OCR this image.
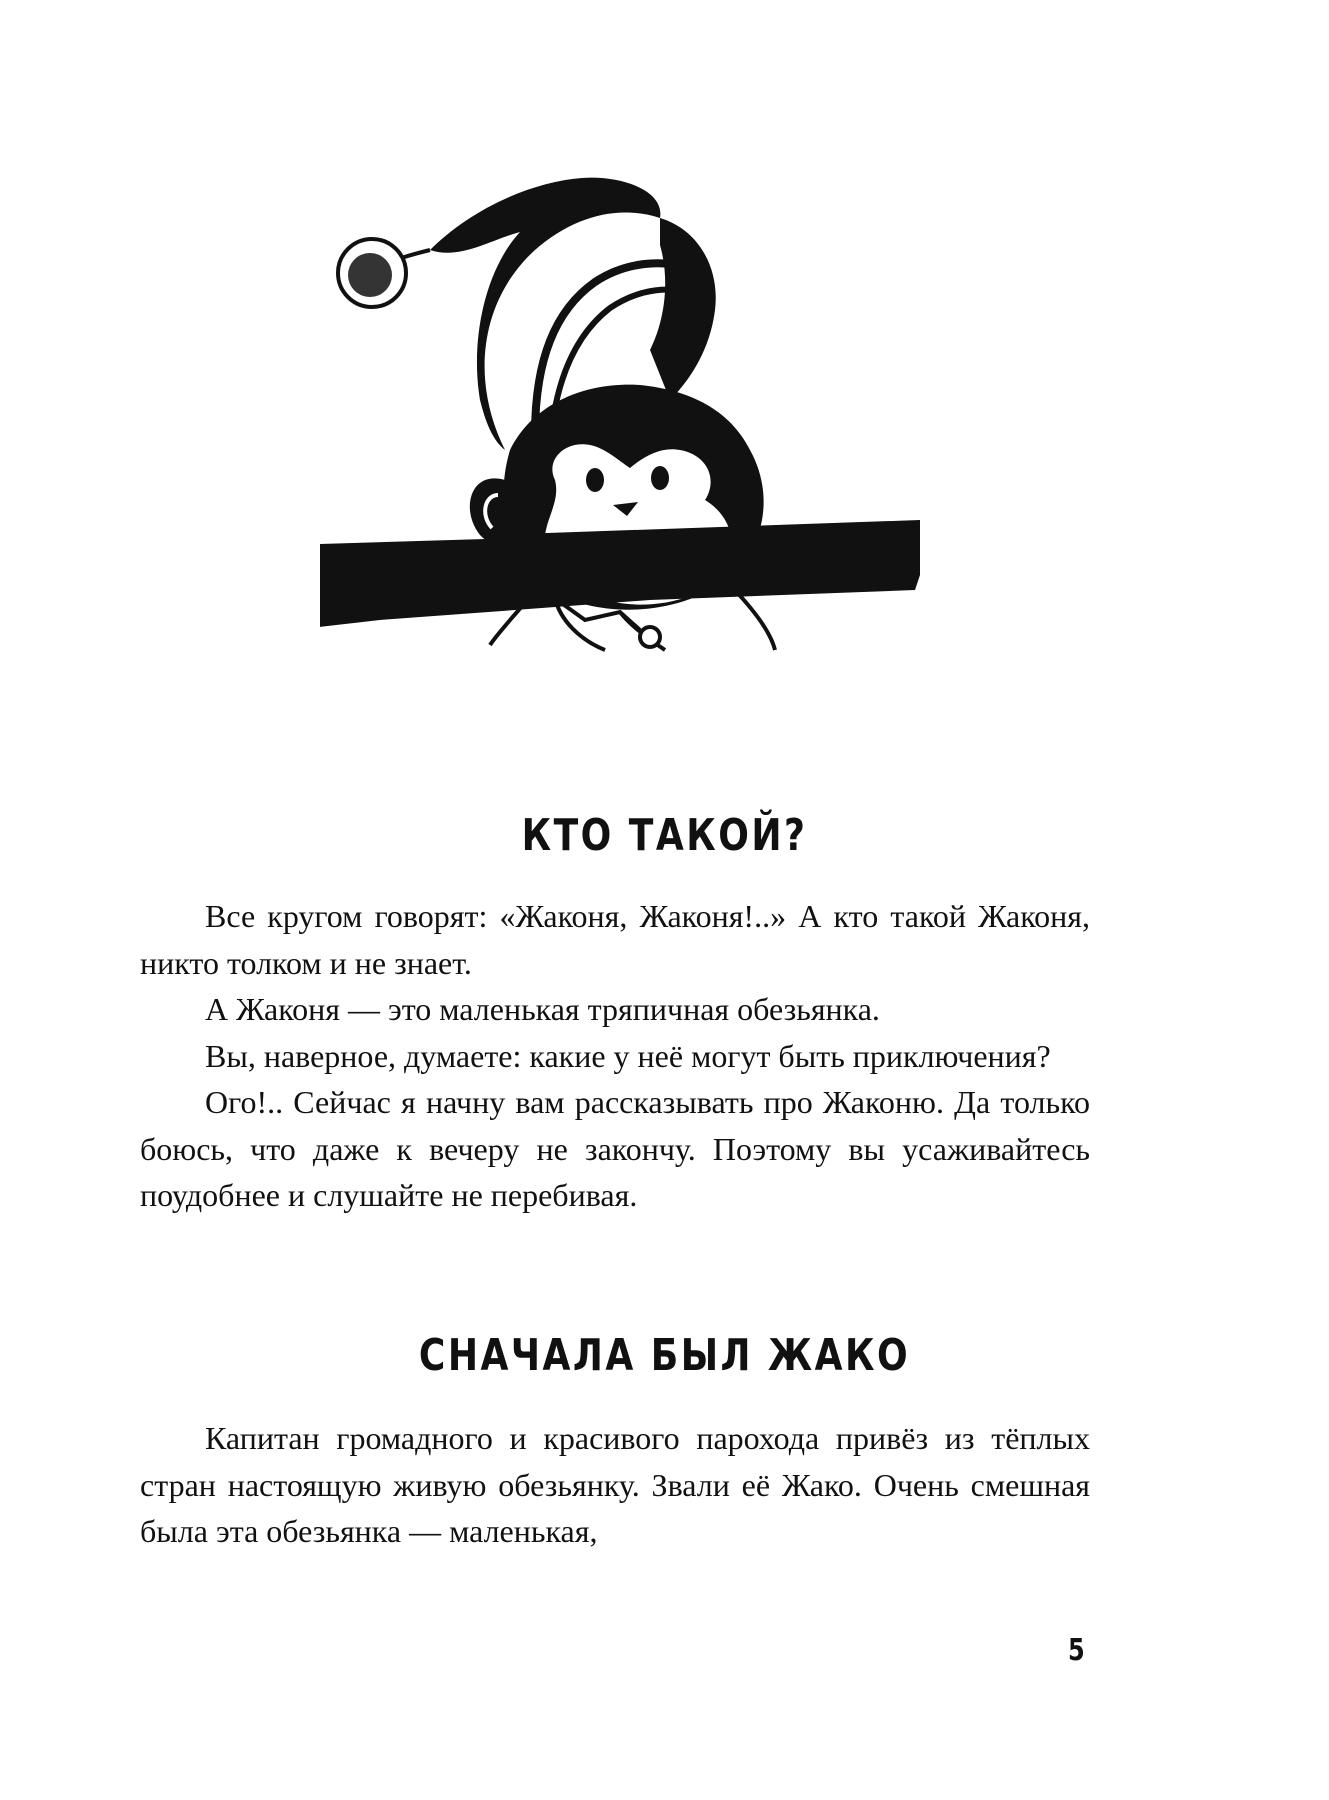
КТО ТАКОЙ?

Все кругом говорят: «Жаконя, Жаконя!..» А кто такой Жаконя, никто толком и не знает.

А Жаконя — это маленькая тряпичная обезьянка.

Вы, наверное, думаете: какие у неё могут быть приключения?

Ого!.. Сейчас я начну вам рассказывать про Жаконю. Да только боюсь, что даже к вечеру не закончу. Поэтому вы усаживайтесь поудобнее и слушайте не перебивая.

СНАЧАЛА БЫЛ ЖАКО

Капитан громадного и красивого парохода привёз из тёплых стран настоящую живую обезьянку. Звали её Жако. Очень смешная была эта обезьянка — маленькая,

5
